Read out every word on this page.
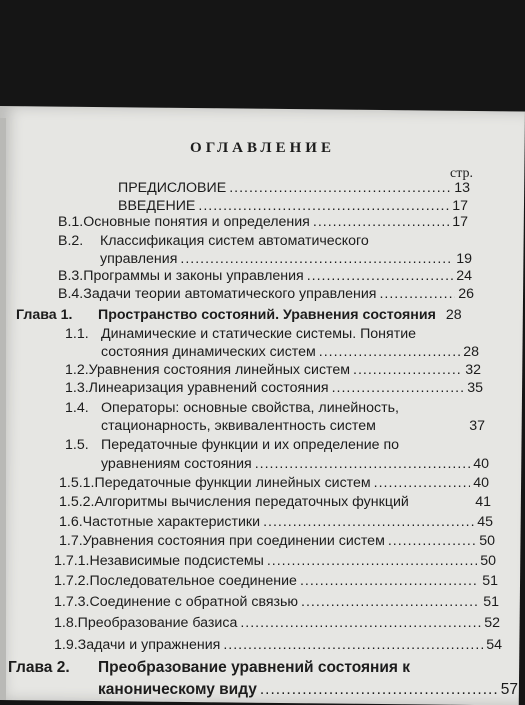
ОГЛАВЛЕНИЕ
стр.
ПРЕДИСЛОВИЕ .....	13
ВВЕДЕНИЕ .....	17
В.1. Основные понятия и определения .....	17
В.2. Классификация систем автоматического
управления .....	19
В.3. Программы и законы управления .....	24
В.4. Задачи теории автоматического управления .....	26
Глава 1. Пространство состояний. Уравнения состояния 28
1.1. Динамические и статические системы. Понятие
состояния динамических систем .....	28
1.2. Уравнения состояния линейных систем .....	32
1.3. Линеаризация уравнений состояния .....	35
1.4. Операторы: основные свойства, линейность,
стационарность, эквивалентность систем	37
1.5. Передаточные функции и их определение по
уравнениям состояния .....	40
1.5.1. Передаточные функции линейных систем .....	40
1.5.2. Алгоритмы вычисления передаточных функций	41
1.6. Частотные характеристики .....	45
1.7. Уравнения состояния при соединении систем .....	50
1.7.1. Независимые подсистемы .....	50
1.7.2. Последовательное соединение .....	51
1.7.3. Соединение с обратной связью .....	51
1.8. Преобразование базиса .....	52
1.9. Задачи и упражнения .....	54
Глава 2. Преобразование уравнений состояния к
каноническому виду .....	57
